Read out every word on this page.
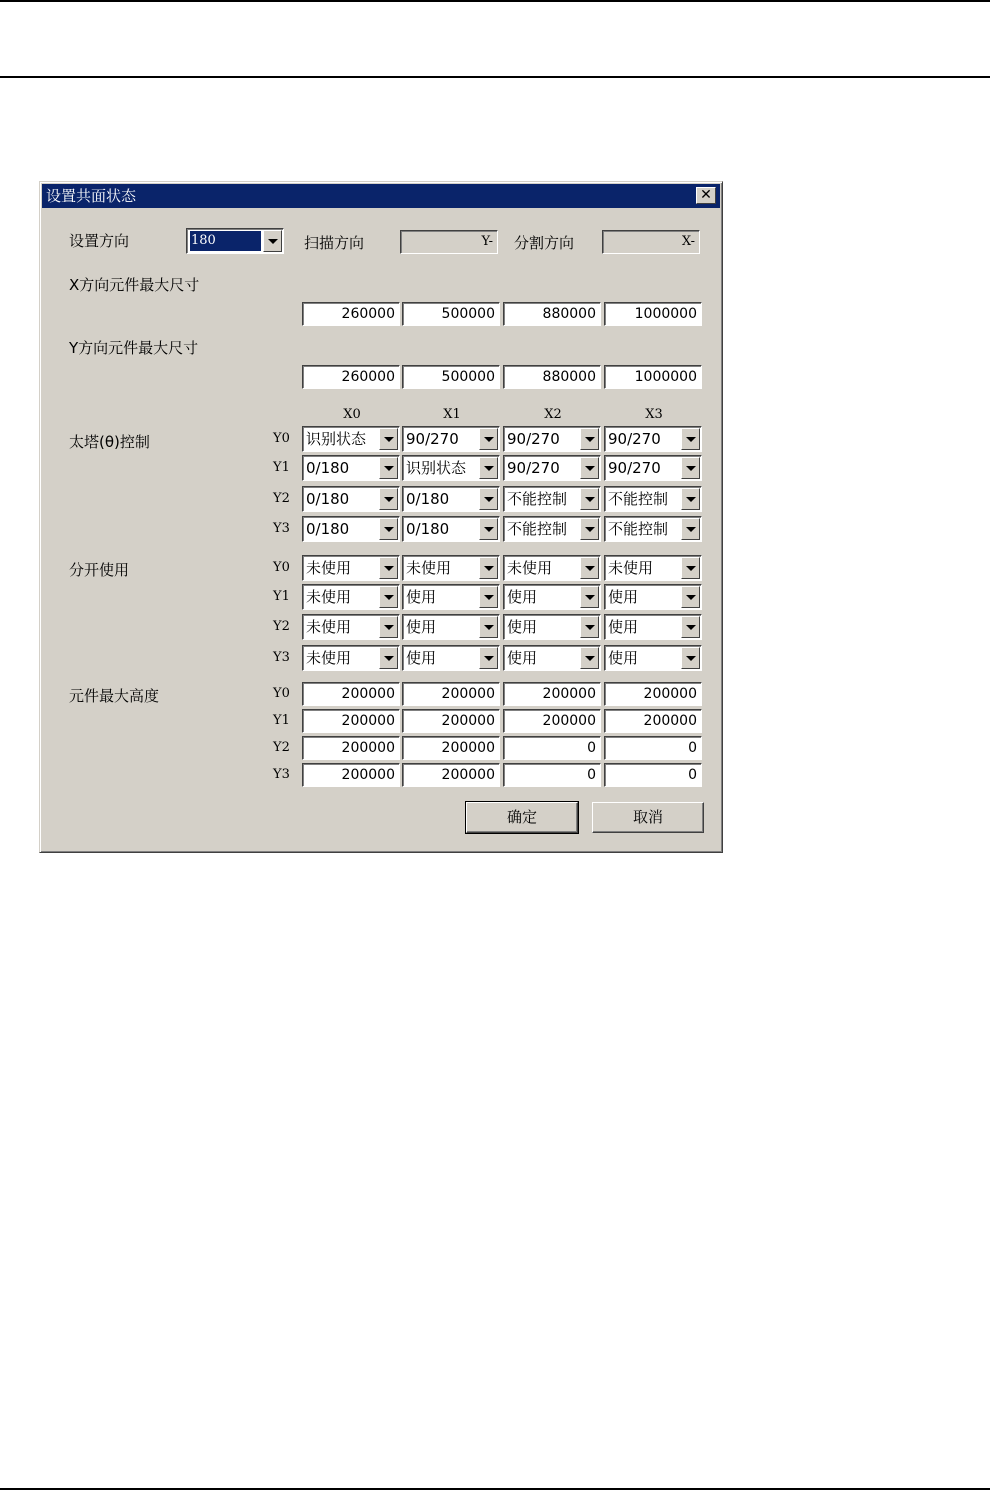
设置共面状态	✕
设置方向	180	扫描方向	Y-	分割方向	X-
X方向元件最大尺寸
260000	500000	880000	1000000
Y方向元件最大尺寸
260000	500000	880000	1000000
X0	X1	X2	X3
太塔(θ)控制	Y0 识别状态	90/270	90/270	90/270
Y1 0/180	识别状态	90/270	90/270
Y2 0/180	0/180	不能控制	不能控制
Y3 0/180	0/180	不能控制	不能控制
分开使用	Y0 未使用	未使用	未使用	未使用
Y1 未使用	使用	使用	使用
Y2 未使用	使用	使用	使用
Y3 未使用	使用	使用	使用
元件最大高度	Y0	200000	200000	200000	200000
Y1	200000	200000	200000	200000
Y2	200000	200000	0	0
Y3	200000	200000	0	0
确定	取消
